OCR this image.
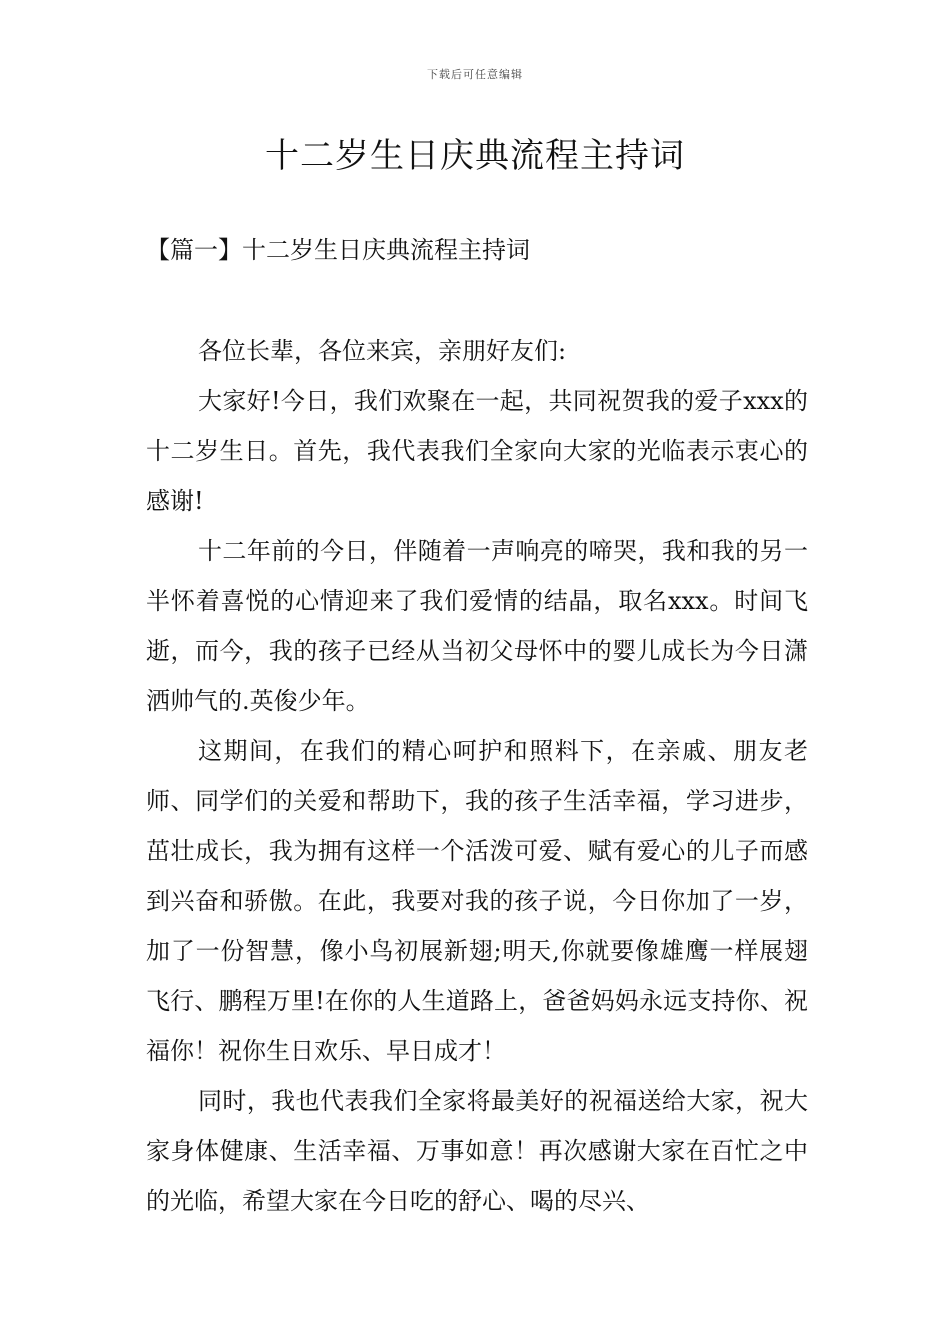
下载后可任意编辑
十二岁生日庆典流程主持词
【篇一】十二岁生日庆典流程主持词

各位长辈，各位来宾，亲朋好友们:

大家好!今日，我们欢聚在一起，共同祝贺我的爱子xxx的十二岁生日。首先，我代表我们全家向大家的光临表示衷心的感谢!

十二年前的今日，伴随着一声响亮的啼哭，我和我的另一半怀着喜悦的心情迎来了我们爱情的结晶，取名xxx。时间飞逝，而今，我的孩子已经从当初父母怀中的婴儿成长为今日潇洒帅气的.英俊少年。

这期间，在我们的精心呵护和照料下，在亲戚、朋友老师、同学们的关爱和帮助下，我的孩子生活幸福，学习进步，茁壮成长，我为拥有这样一个活泼可爱、赋有爱心的儿子而感到兴奋和骄傲。在此，我要对我的孩子说，今日你加了一岁，加了一份智慧，像小鸟初展新翅;明天,你就要像雄鹰一样展翅飞行、鹏程万里!在你的人生道路上，爸爸妈妈永远支持你、祝福你！祝你生日欢乐、早日成才！

同时，我也代表我们全家将最美好的祝福送给大家，祝大家身体健康、生活幸福、万事如意！再次感谢大家在百忙之中的光临，希望大家在今日吃的舒心、喝的尽兴、
